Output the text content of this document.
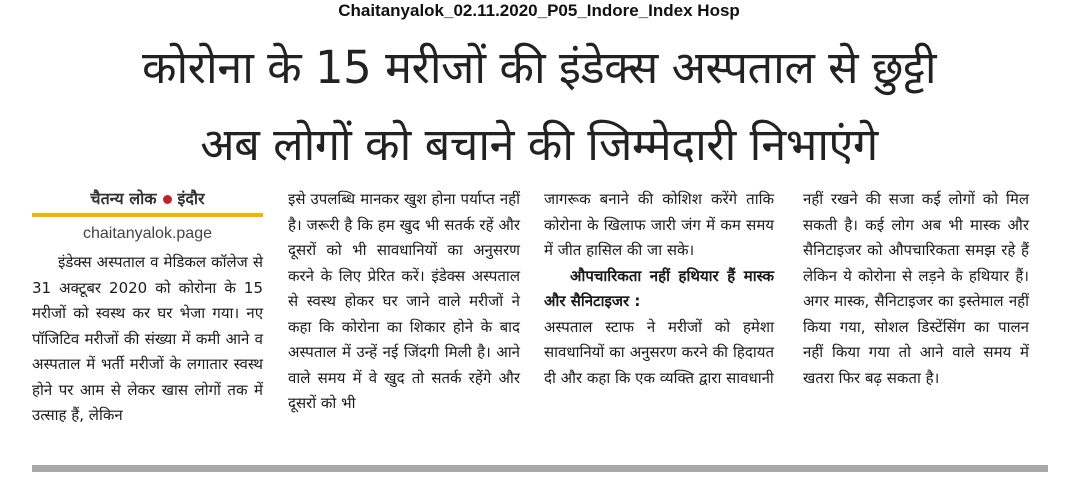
Chaitanyalok_02.11.2020_P05_Indore_Index Hosp
कोरोना के 15 मरीजों की इंडेक्स अस्पताल से छुट्टी
अब लोगों को बचाने की जिम्मेदारी निभाएंगे
चैतन्य लोक इंदौर
chaitanyalok.page

इंडेक्स अस्पताल व मेडिकल कॉलेज से 31 अक्टूबर 2020 को कोरोना के 15 मरीजों को स्वस्थ कर घर भेजा गया। नए पॉजिटिव मरीजों की संख्या में कमी आने व अस्पताल में भर्ती मरीजों के लगातार स्वस्थ होने पर आम से लेकर खास लोगों तक में उत्साह हैं, लेकिन

इसे उपलब्धि मानकर खुश होना पर्याप्त नहीं है। जरूरी है कि हम खुद भी सतर्क रहें और दूसरों को भी सावधानियों का अनुसरण करने के लिए प्रेरित करें। इंडेक्स अस्पताल से स्वस्थ होकर घर जाने वाले मरीजों ने कहा कि कोरोना का शिकार होने के बाद अस्पताल में उन्हें नई जिंदगी मिली है। आने वाले समय में वे खुद तो सतर्क रहेंगे और दूसरों को भी

जागरूक बनाने की कोशिश करेंगे ताकि कोरोना के खिलाफ जारी जंग में कम समय में जीत हासिल की जा सके।

औपचारिकता नहीं हथियार हैं मास्क और सैनिटाइजर :

अस्पताल स्टाफ ने मरीजों को हमेशा सावधानियों का अनुसरण करने की हिदायत दी और कहा कि एक व्यक्ति द्वारा सावधानी

नहीं रखने की सजा कई लोगों को मिल सकती है। कई लोग अब भी मास्क और सैनिटाइजर को औपचारिकता समझ रहे हैं लेकिन ये कोरोना से लड़ने के हथियार हैं। अगर मास्क, सैनिटाइजर का इस्तेमाल नहीं किया गया, सोशल डिस्टेंसिंग का पालन नहीं किया गया तो आने वाले समय में खतरा फिर बढ़ सकता है।
